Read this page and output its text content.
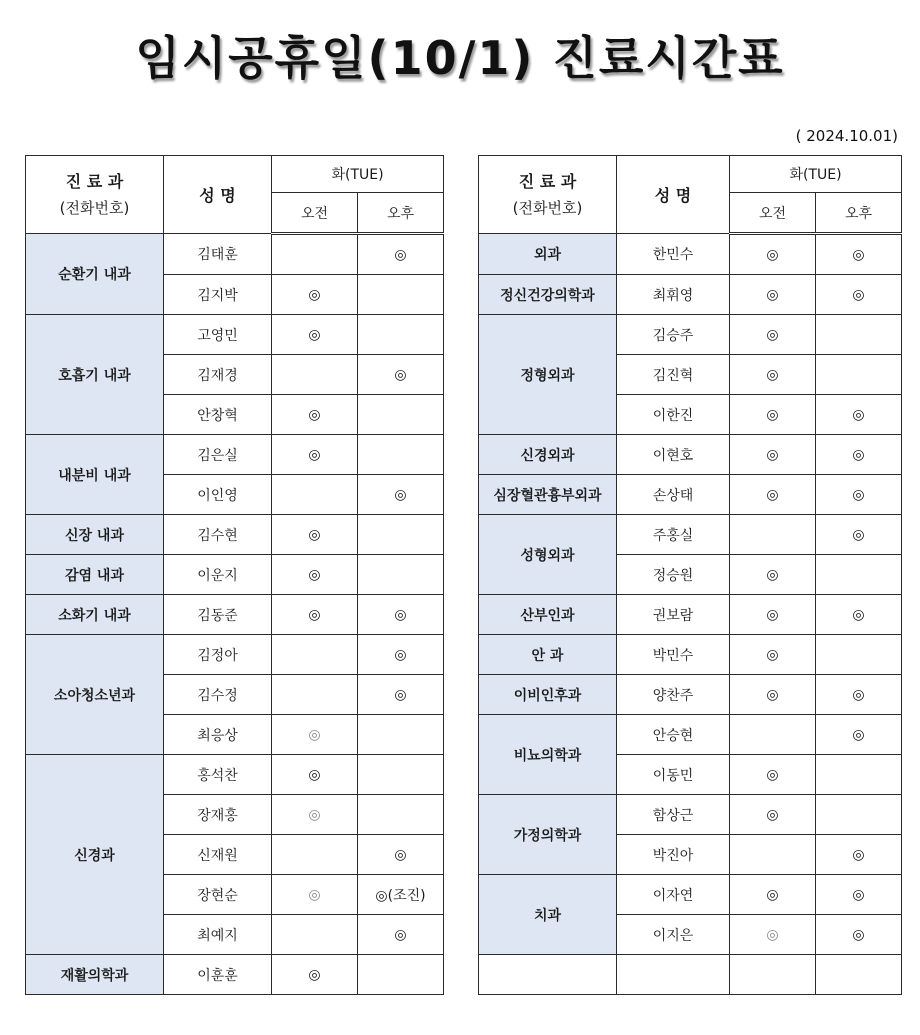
임시공휴일(10/1) 진료시간표
( 2024.10.01)
진 료 과
(전화번호)	성 명	화(TUE)	
		오전	오후
순환기 내과	김태훈		◎
	김지박	◎	
호흡기 내과	고영민	◎	
	김재경		◎
	안창혁	◎	
내분비 내과	김은실	◎	
	이인영		◎
신장 내과	김수현	◎	
감염 내과	이운지	◎	
소화기 내과	김동준	◎	◎
소아청소년과	김정아		◎
	김수정		◎
	최응상	◎	
신경과	홍석찬	◎	
	장재홍	◎	
	신재원		◎
	장현순	◎	◎(조진)
	최예지		◎
재활의학과	이훈훈	◎	
진 료 과
(전화번호)	성 명	화(TUE)	
		오전	오후
외과	한민수	◎	◎
정신건강의학과	최휘영	◎	◎
정형외과	김승주	◎	
	김진혁	◎	
	이한진	◎	◎
신경외과	이현호	◎	◎
심장혈관흉부외과	손상태	◎	◎
성형외과	주홍실		◎
	정승원	◎	
산부인과	권보람	◎	◎
안 과	박민수	◎	
이비인후과	양찬주	◎	◎
비뇨의학과	안승현		◎
	이동민	◎	
가정의학과	함상근	◎	
	박진아		◎
치과	이자연	◎	◎
	이지은	◎	◎
